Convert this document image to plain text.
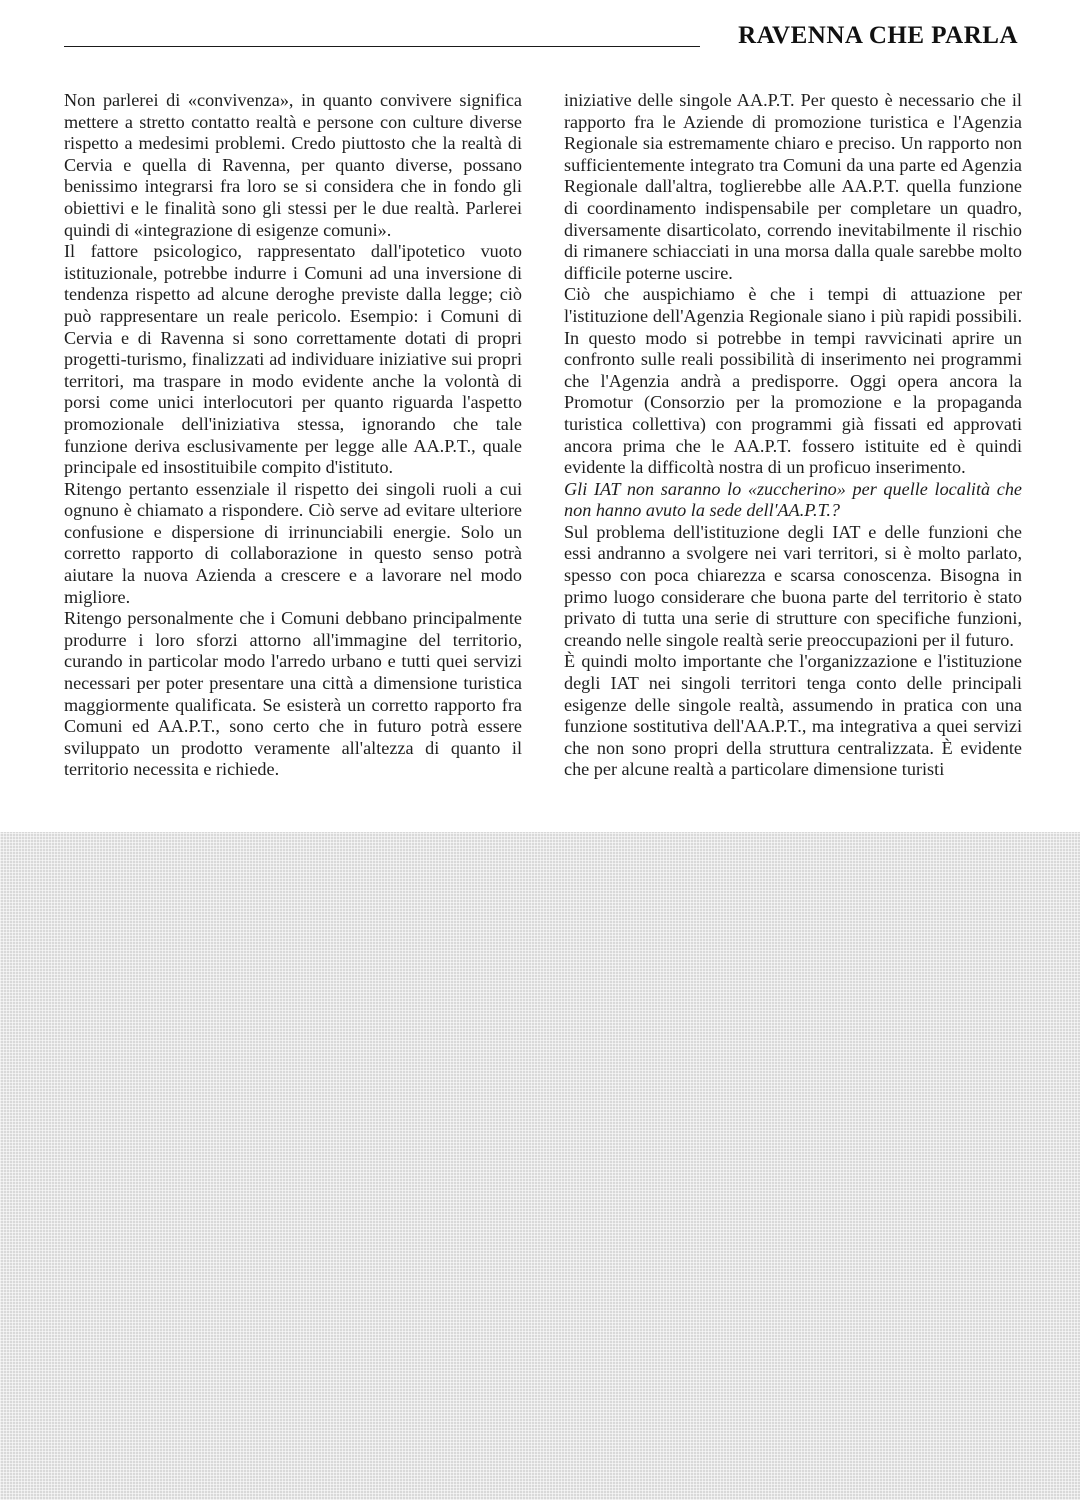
RAVENNA CHE PARLA

Non parlerei di «convivenza», in quanto convivere significa mettere a stretto contatto realtà e persone con culture diverse rispetto a medesimi problemi. Credo piuttosto che la realtà di Cervia e quella di Ravenna, per quanto diverse, possano benissimo integrarsi fra loro se si considera che in fondo gli obiettivi e le finalità sono gli stessi per le due realtà. Parlerei quindi di «integrazione di esigenze comuni».

Il fattore psicologico, rappresentato dall'ipotetico vuoto istituzionale, potrebbe indurre i Comuni ad una inversione di tendenza rispetto ad alcune deroghe previste dalla legge; ciò può rappresentare un reale pericolo. Esempio: i Comuni di Cervia e di Ravenna si sono correttamente dotati di propri progetti-turismo, finalizzati ad individuare iniziative sui propri territori, ma traspare in modo evidente anche la volontà di porsi come unici interlocutori per quanto riguarda l'aspetto promozionale dell'iniziativa stessa, ignorando che tale funzione deriva esclusivamente per legge alle AA.P.T., quale principale ed insostituibile compito d'istituto.

Ritengo pertanto essenziale il rispetto dei singoli ruoli a cui ognuno è chiamato a rispondere. Ciò serve ad evitare ulteriore confusione e dispersione di irrinunciabili energie. Solo un corretto rapporto di collaborazione in questo senso potrà aiutare la nuova Azienda a crescere e a lavorare nel modo migliore.

Ritengo personalmente che i Comuni debbano principalmente produrre i loro sforzi attorno all'immagine del territorio, curando in particolar modo l'arredo urbano e tutti quei servizi necessari per poter presentare una città a dimensione turistica maggiormente qualificata. Se esisterà un corretto rapporto fra Comuni ed AA.P.T., sono certo che in futuro potrà essere sviluppato un prodotto veramente all'altezza di quanto il territorio necessita e richiede.

iniziative delle singole AA.P.T. Per questo è necessario che il rapporto fra le Aziende di promozione turistica e l'Agenzia Regionale sia estremamente chiaro e preciso. Un rapporto non sufficientemente integrato tra Comuni da una parte ed Agenzia Regionale dall'altra, toglierebbe alle AA.P.T. quella funzione di coordinamento indispensabile per completare un quadro, diversamente disarticolato, correndo inevitabilmente il rischio di rimanere schiacciati in una morsa dalla quale sarebbe molto difficile poterne uscire.

Ciò che auspichiamo è che i tempi di attuazione per l'istituzione dell'Agenzia Regionale siano i più rapidi possibili. In questo modo si potrebbe in tempi ravvicinati aprire un confronto sulle reali possibilità di inserimento nei programmi che l'Agenzia andrà a predisporre. Oggi opera ancora la Promotur (Consorzio per la promozione e la propaganda turistica collettiva) con programmi già fissati ed approvati ancora prima che le AA.P.T. fossero istituite ed è quindi evidente la difficoltà nostra di un proficuo inserimento.

Gli IAT non saranno lo «zuccherino» per quelle località che non hanno avuto la sede dell'AA.P.T.?

Sul problema dell'istituzione degli IAT e delle funzioni che essi andranno a svolgere nei vari territori, si è molto parlato, spesso con poca chiarezza e scarsa conoscenza. Bisogna in primo luogo considerare che buona parte del territorio è stato privato di tutta una serie di strutture con specifiche funzioni, creando nelle singole realtà serie preoccupazioni per il futuro.

È quindi molto importante che l'organizzazione e l'istituzione degli IAT nei singoli territori tenga conto delle principali esigenze delle singole realtà, assumendo in pratica con una funzione sostitutiva dell'AA.P.T., ma integrativa a quei servizi che non sono propri della struttura centralizzata. È evidente che per alcune realtà a particolare dimensione turisti
